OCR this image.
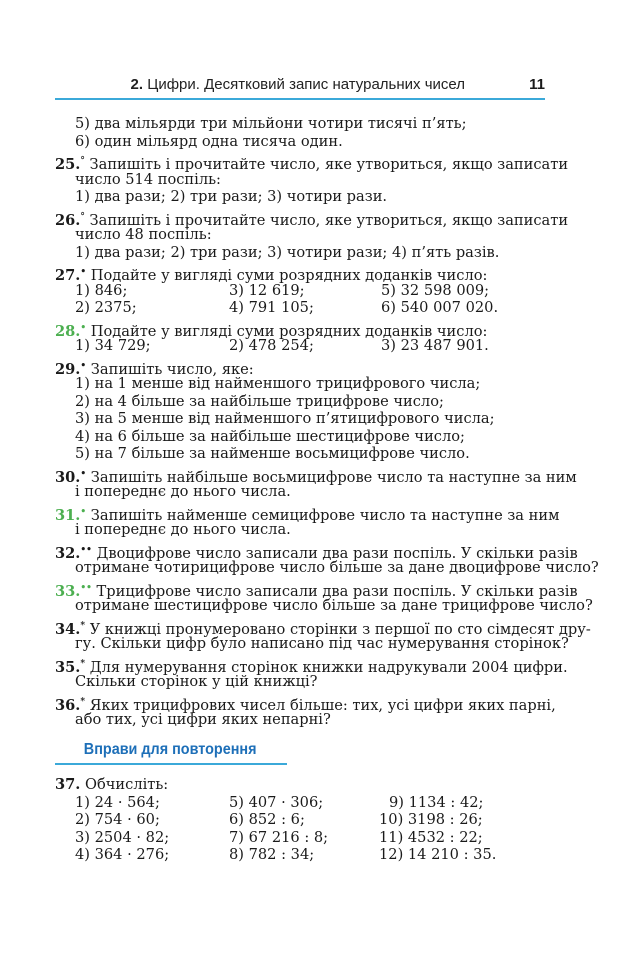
2. Цифри. Десятковий запис натуральних чисел	11
5) два мільярди три мільйони чотири тисячі п’ять;
6) один мільярд одна тисяча один.
25.° Запишіть і прочитайте число, яке утвориться, якщо записати
число 514 поспіль:
1) два рази; 2) три рази; 3) чотири рази.
26.° Запишіть і прочитайте число, яке утвориться, якщо записати
число 48 поспіль:
1) два рази; 2) три рази; 3) чотири рази; 4) п’ять разів.
27.• Подайте у вигляді суми розрядних доданків число:
1) 846;	3) 12 619;	5) 32 598 009;
2) 2375;	4) 791 105;	6) 540 007 020.
28.• Подайте у вигляді суми розрядних доданків число:
1) 34 729;	2) 478 254;	3) 23 487 901.
29.• Запишіть число, яке:
1) на 1 менше від найменшого трицифрового числа;
2) на 4 більше за найбільше трицифрове число;
3) на 5 менше від найменшого п’ятицифрового числа;
4) на 6 більше за найбільше шестицифрове число;
5) на 7 більше за найменше восьмицифрове число.
30.• Запишіть найбільше восьмицифрове число та наступне за ним
і попереднє до нього числа.
31.• Запишіть найменше семицифрове число та наступне за ним
і попереднє до нього числа.
32.•• Двоцифрове число записали два рази поспіль. У скільки разів
отримане чотирицифрове число більше за дане двоцифрове число?
33.•• Трицифрове число записали два рази поспіль. У скільки разів
отримане шестицифрове число більше за дане трицифрове число?
34.* У книжці пронумеровано сторінки з першої по сто сімдесят дру-
гу. Скільки цифр було написано під час нумерування сторінок?
35.* Для нумерування сторінок книжки надрукували 2004 цифри.
Скільки сторінок у цій книжці?
36.* Яких трицифрових чисел більше: тих, усі цифри яких парні,
або тих, усі цифри яких непарні?
Вправи для повторення
37. Обчисліть:
1) 24 · 564;	5) 407 · 306;	9) 1134 : 42;
2) 754 · 60;	6) 852 : 6;	10) 3198 : 26;
3) 2504 · 82;	7) 67 216 : 8;	11) 4532 : 22;
4) 364 · 276;	8) 782 : 34;	12) 14 210 : 35.
